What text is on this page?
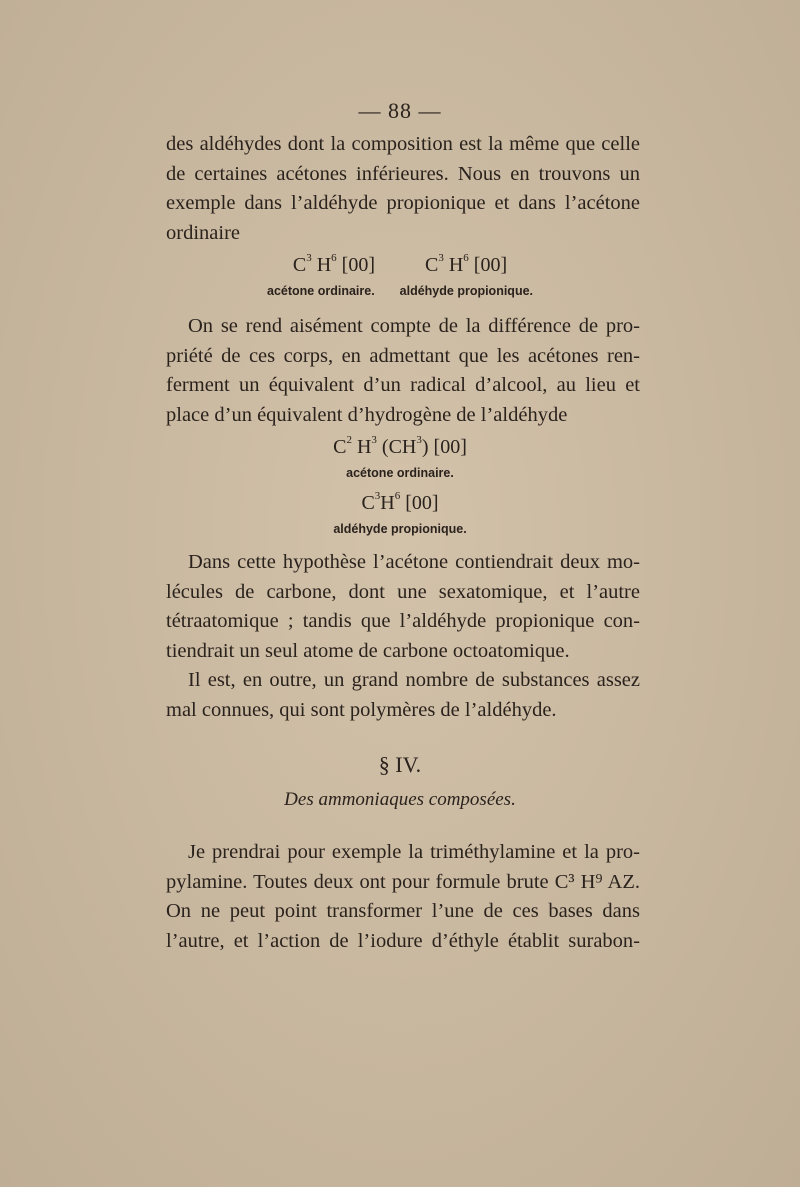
— 88 —
des aldéhydes dont la composition est la même que celle
de certaines acétones inférieures. Nous en trouvons un
exemple dans l’aldéhyde propionique et dans l’acétone
ordinaire
$C^3$ $H^6$ [00]	$C^3$ $H^6$ [00]
acétone ordinaire. aldéhyde propionique.
On se rend aisément compte de la différence de pro-
priété de ces corps, en admettant que les acétones ren-
ferment un équivalent d’un radical d’alcool, au lieu et
place d’un équivalent d’hydrogène de l’aldéhyde
$C^2$ $H^3$ $(CH^3)$ [00]
acétone ordinaire.
$C^3H^6$ [00]
aldéhyde propionique.
Dans cette hypothèse l’acétone contiendrait deux mo-
lécules de carbone, dont une sexatomique, et l’autre
tétraatomique ; tandis que l’aldéhyde propionique con-
tiendrait un seul atome de carbone octoatomique.
Il est, en outre, un grand nombre de substances assez
mal connues, qui sont polymères de l’aldéhyde.
§ IV.
Des ammoniaques composées.
Je prendrai pour exemple la triméthylamine et la pro-
pylamine. Toutes deux ont pour formule brute C³ H⁹ AZ.
On ne peut point transformer l’une de ces bases dans
l’autre, et l’action de l’iodure d’éthyle établit surabon-
